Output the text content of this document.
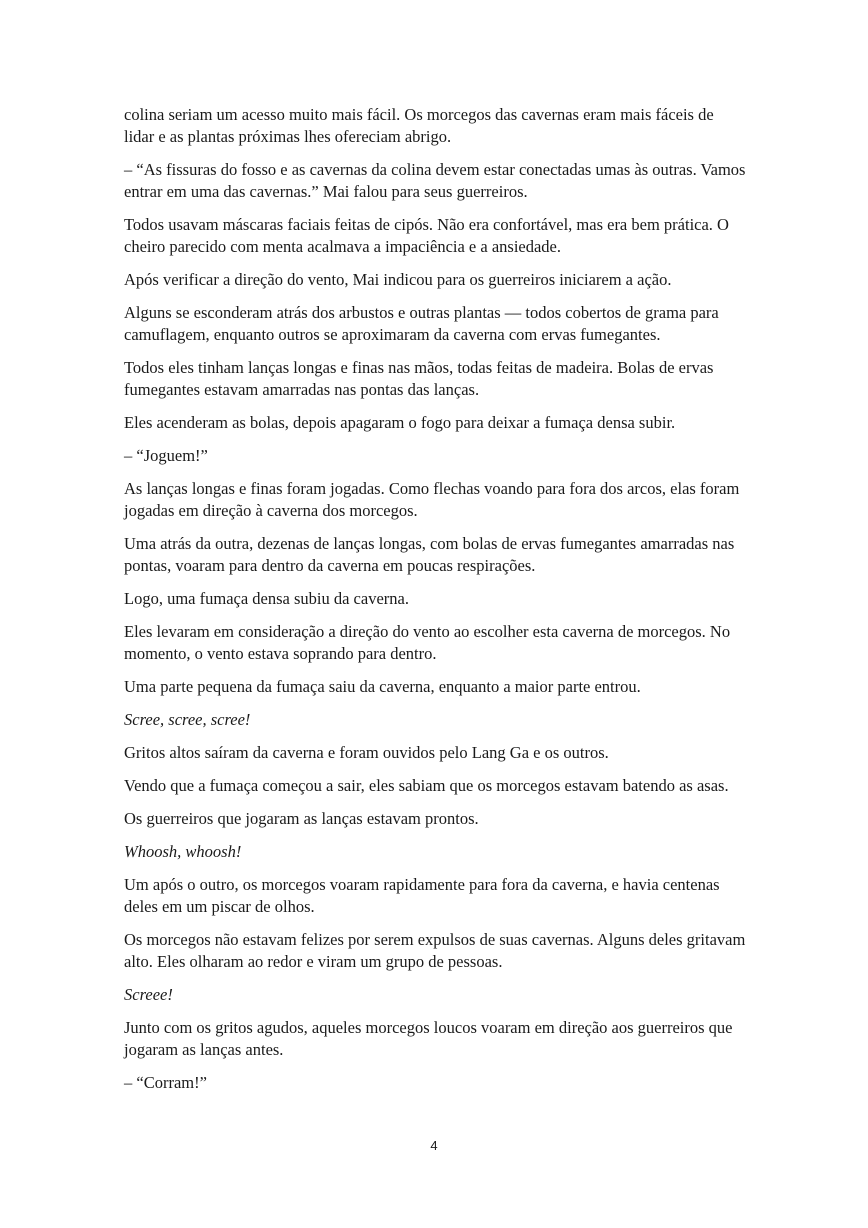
colina seriam um acesso muito mais fácil. Os morcegos das cavernas eram mais fáceis de lidar e as plantas próximas lhes ofereciam abrigo.

– “As fissuras do fosso e as cavernas da colina devem estar conectadas umas às outras. Vamos entrar em uma das cavernas.” Mai falou para seus guerreiros.

Todos usavam máscaras faciais feitas de cipós. Não era confortável, mas era bem prática. O cheiro parecido com menta acalmava a impaciência e a ansiedade.

Após verificar a direção do vento, Mai indicou para os guerreiros iniciarem a ação.

Alguns se esconderam atrás dos arbustos e outras plantas — todos cobertos de grama para camuflagem, enquanto outros se aproximaram da caverna com ervas fumegantes.

Todos eles tinham lanças longas e finas nas mãos, todas feitas de madeira. Bolas de ervas fumegantes estavam amarradas nas pontas das lanças.

Eles acenderam as bolas, depois apagaram o fogo para deixar a fumaça densa subir.

– “Joguem!”

As lanças longas e finas foram jogadas. Como flechas voando para fora dos arcos, elas foram jogadas em direção à caverna dos morcegos.

Uma atrás da outra, dezenas de lanças longas, com bolas de ervas fumegantes amarradas nas pontas, voaram para dentro da caverna em poucas respirações.

Logo, uma fumaça densa subiu da caverna.

Eles levaram em consideração a direção do vento ao escolher esta caverna de morcegos. No momento, o vento estava soprando para dentro.

Uma parte pequena da fumaça saiu da caverna, enquanto a maior parte entrou.

Scree, scree, scree!

Gritos altos saíram da caverna e foram ouvidos pelo Lang Ga e os outros.

Vendo que a fumaça começou a sair, eles sabiam que os morcegos estavam batendo as asas.

Os guerreiros que jogaram as lanças estavam prontos.

Whoosh, whoosh!

Um após o outro, os morcegos voaram rapidamente para fora da caverna, e havia centenas deles em um piscar de olhos.

Os morcegos não estavam felizes por serem expulsos de suas cavernas. Alguns deles gritavam alto. Eles olharam ao redor e viram um grupo de pessoas.

Screee!

Junto com os gritos agudos, aqueles morcegos loucos voaram em direção aos guerreiros que jogaram as lanças antes.

– “Corram!”

4
